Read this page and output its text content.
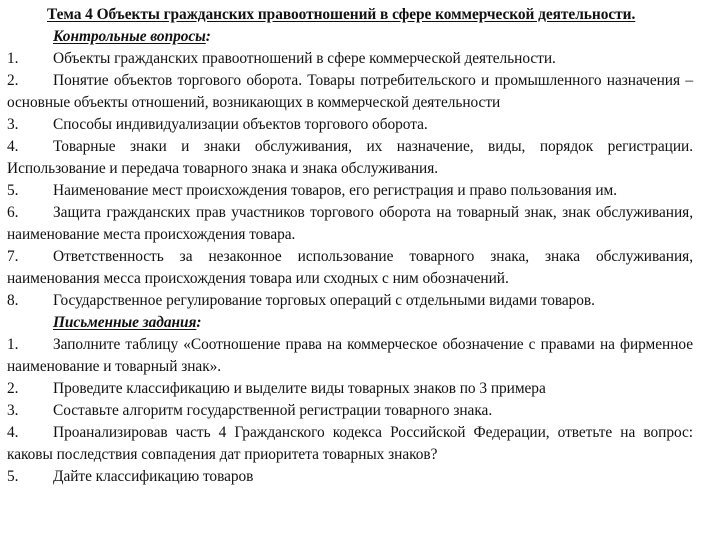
Тема 4 Объекты гражданских правоотношений в сфере коммерческой деятельности.

Контрольные вопросы:

1. Объекты гражданских правоотношений в сфере коммерческой деятельности.

2. Понятие объектов торгового оборота. Товары потребительского и промышленного назначения – основные объекты отношений, возникающих в коммерческой деятельности

3. Способы индивидуализации объектов торгового оборота.

4. Товарные знаки и знаки обслуживания, их назначение, виды, порядок регистрации. Использование и передача товарного знака и знака обслуживания.

5. Наименование мест происхождения товаров, его регистрация и право пользования им.

6. Защита гражданских прав участников торгового оборота на товарный знак, знак обслуживания, наименование места происхождения товара.

7. Ответственность за незаконное использование товарного знака, знака обслуживания, наименования месса происхождения товара или сходных с ним обозначений.

8. Государственное регулирование торговых операций с отдельными видами товаров.

Письменные задания:

1. Заполните таблицу «Соотношение права на коммерческое обозначение с правами на фирменное наименование и товарный знак».

2. Проведите классификацию и выделите виды товарных знаков по 3 примера

3. Составьте алгоритм государственной регистрации товарного знака.

4. Проанализировав часть 4 Гражданского кодекса Российской Федерации, ответьте на вопрос: каковы последствия совпадения дат приоритета товарных знаков?

5. Дайте классификацию товаров
